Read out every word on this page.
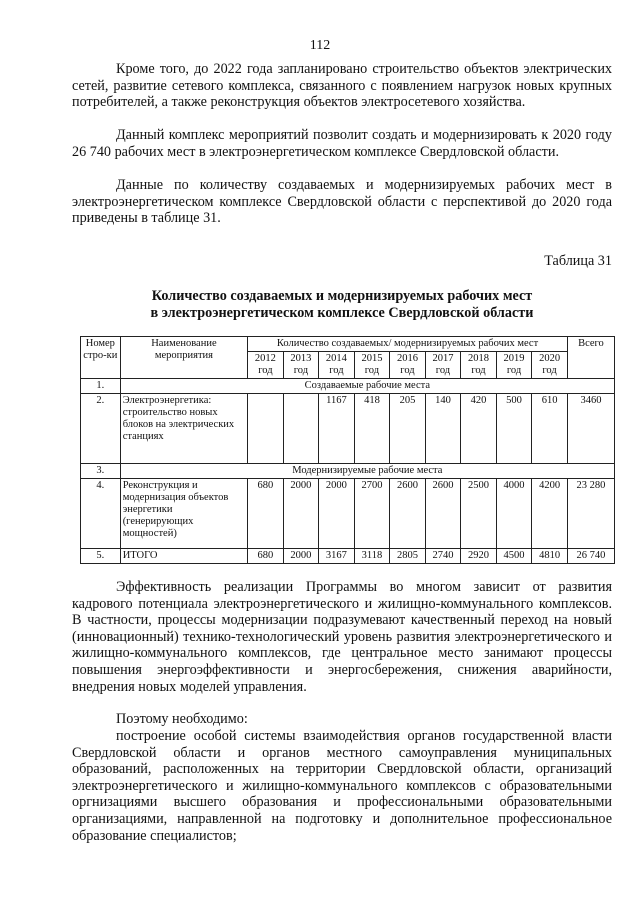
112

Кроме того, до 2022 года запланировано строительство объектов электрических сетей, развитие сетевого комплекса, связанного с появлением нагрузок новых крупных потребителей, а также реконструкция объектов электросетевого хозяйства.

Данный комплекс мероприятий позволит создать и модернизировать к 2020 году 26 740 рабочих мест в электроэнергетическом комплексе Свердловской области.

Данные по количеству создаваемых и модернизируемых рабочих мест в электроэнергетическом комплексе Свердловской области с перспективой до 2020 года приведены в таблице 31.

Таблица 31

Количество создаваемых и модернизируемых рабочих мест
в электроэнергетическом комплексе Свердловской области

Номер стро-ки	Наименование мероприятия	Количество создаваемых/ модернизируемых рабочих мест									Всего
		2012 год	2013 год	2014 год	2015 год	2016 год	2017 год	2018 год	2019 год	2020 год	
1.	Создаваемые рабочие места										
2.	Электроэнергетика: строительство новых блоков на электрических станциях			1167	418	205	140	420	500	610	3460
3.	Модернизируемые рабочие места										
4.	Реконструкция и модернизация объектов энергетики (генерирующих мощностей)	680	2000	2000	2700	2600	2600	2500	4000	4200	23 280
5.	ИТОГО	680	2000	3167	3118	2805	2740	2920	4500	4810	26 740

Эффективность реализации Программы во многом зависит от развития кадрового потенциала электроэнергетического и жилищно-коммунального комплексов. В частности, процессы модернизации подразумевают качественный переход на новый (инновационный) технико-технологический уровень развития электроэнергетического и жилищно-коммунального комплексов, где центральное место занимают процессы повышения энергоэффективности и энергосбережения, снижения аварийности, внедрения новых моделей управления.

Поэтому необходимо:

построение особой системы взаимодействия органов государственной власти Свердловской области и органов местного самоуправления муниципальных образований, расположенных на территории Свердловской области, организаций электроэнергетического и жилищно-коммунального комплексов с образовательными оргнизациями высшего образования и профессиональными образовательными организациями, направленной на подготовку и дополнительное профессиональное образование специалистов;
